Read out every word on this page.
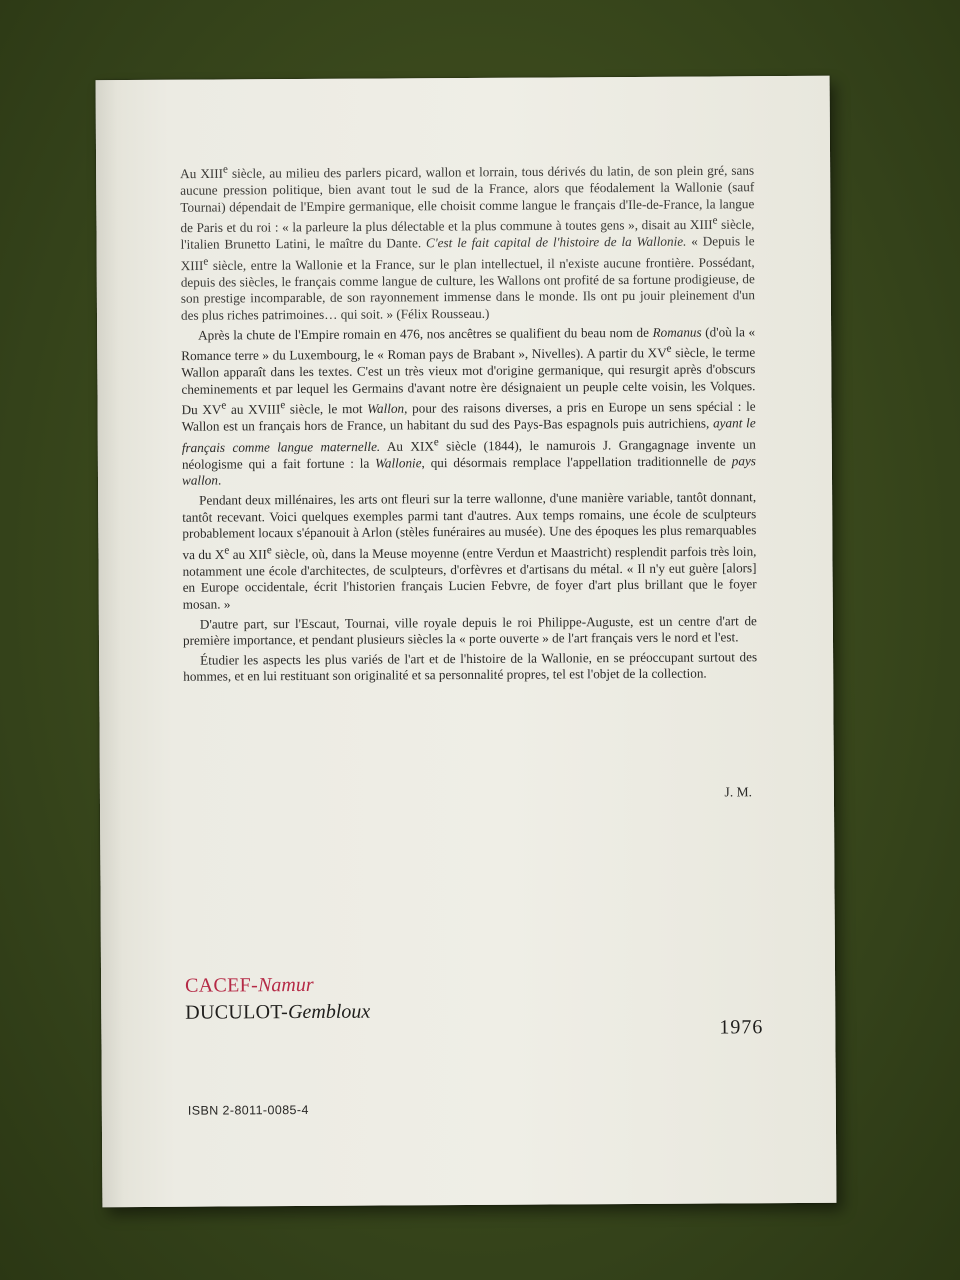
Au XIIIe siècle, au milieu des parlers picard, wallon et lorrain, tous dérivés du latin, de son plein gré, sans aucune pression politique, bien avant tout le sud de la France, alors que féodalement la Wallonie (sauf Tournai) dépendait de l'Empire germanique, elle choisit comme langue le français d'Ile-de-France, la langue de Paris et du roi : « la parleure la plus délectable et la plus commune à toutes gens », disait au XIIIe siècle, l'italien Brunetto Latini, le maître du Dante. C'est le fait capital de l'histoire de la Wallonie. « Depuis le XIIIe siècle, entre la Wallonie et la France, sur le plan intellectuel, il n'existe aucune frontière. Possédant, depuis des siècles, le français comme langue de culture, les Wallons ont profité de sa fortune prodigieuse, de son prestige incomparable, de son rayonnement immense dans le monde. Ils ont pu jouir pleinement d'un des plus riches patrimoines… qui soit. » (Félix Rousseau.)

Après la chute de l'Empire romain en 476, nos ancêtres se qualifient du beau nom de Romanus (d'où la « Romance terre » du Luxembourg, le « Roman pays de Brabant », Nivelles). A partir du XVe siècle, le terme Wallon apparaît dans les textes. C'est un très vieux mot d'origine germanique, qui resurgit après d'obscurs cheminements et par lequel les Germains d'avant notre ère désignaient un peuple celte voisin, les Volques. Du XVe au XVIIIe siècle, le mot Wallon, pour des raisons diverses, a pris en Europe un sens spécial : le Wallon est un français hors de France, un habitant du sud des Pays-Bas espagnols puis autrichiens, ayant le français comme langue maternelle. Au XIXe siècle (1844), le namurois J. Grangagnage invente un néologisme qui a fait fortune : la Wallonie, qui désormais remplace l'appellation traditionnelle de pays wallon.

Pendant deux millénaires, les arts ont fleuri sur la terre wallonne, d'une manière variable, tantôt donnant, tantôt recevant. Voici quelques exemples parmi tant d'autres. Aux temps romains, une école de sculpteurs probablement locaux s'épanouit à Arlon (stèles funéraires au musée). Une des époques les plus remarquables va du Xe au XIIe siècle, où, dans la Meuse moyenne (entre Verdun et Maastricht) resplendit parfois très loin, notamment une école d'architectes, de sculpteurs, d'orfèvres et d'artisans du métal. « Il n'y eut guère [alors] en Europe occidentale, écrit l'historien français Lucien Febvre, de foyer d'art plus brillant que le foyer mosan. »

D'autre part, sur l'Escaut, Tournai, ville royale depuis le roi Philippe-Auguste, est un centre d'art de première importance, et pendant plusieurs siècles la « porte ouverte » de l'art français vers le nord et l'est.

Étudier les aspects les plus variés de l'art et de l'histoire de la Wallonie, en se préoccupant surtout des hommes, et en lui restituant son originalité et sa personnalité propres, tel est l'objet de la collection.

J. M.
CACEF-Namur
DUCULOT-Gembloux
1976
ISBN 2-8011-0085-4
